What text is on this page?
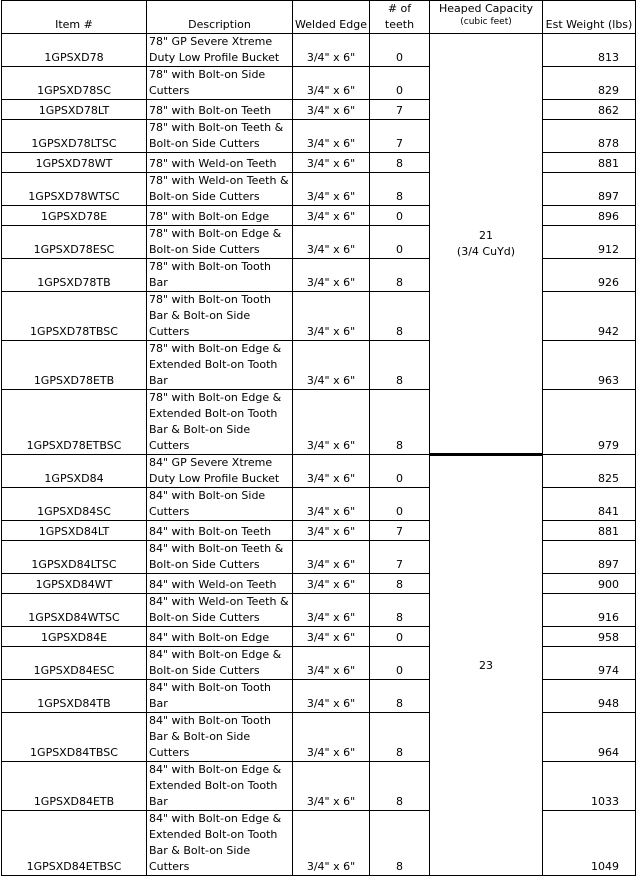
Item #	Description	Welded Edge	# of teeth	Heaped Capacity
(cubic feet)	Est Weight (lbs)
1GPSXD78	78" GP Severe Xtreme
Duty Low Profile Bucket	3/4" x 6"	0	21
(3/4 CuYd)	813
1GPSXD78SC	78" with Bolt-on Side
Cutters	3/4" x 6"	0		829
1GPSXD78LT	78" with Bolt-on Teeth	3/4" x 6"	7		862
1GPSXD78LTSC	78" with Bolt-on Teeth &
Bolt-on Side Cutters	3/4" x 6"	7		878
1GPSXD78WT	78" with Weld-on Teeth	3/4" x 6"	8		881
1GPSXD78WTSC	78" with Weld-on Teeth &
Bolt-on Side Cutters	3/4" x 6"	8		897
1GPSXD78E	78" with Bolt-on Edge	3/4" x 6"	0		896
1GPSXD78ESC	78" with Bolt-on Edge &
Bolt-on Side Cutters	3/4" x 6"	0		912
1GPSXD78TB	78" with Bolt-on Tooth
Bar	3/4" x 6"	8		926
1GPSXD78TBSC	78" with Bolt-on Tooth
Bar & Bolt-on Side Cutters	3/4" x 6"	8		942
1GPSXD78ETB	78" with Bolt-on Edge &
Extended Bolt-on Tooth
Bar	3/4" x 6"	8		963
1GPSXD78ETBSC	78" with Bolt-on Edge &
Extended Bolt-on Tooth
Bar & Bolt-on Side Cutters	3/4" x 6"	8		979
1GPSXD84	84" GP Severe Xtreme
Duty Low Profile Bucket	3/4" x 6"	0	23	825
1GPSXD84SC	84" with Bolt-on Side
Cutters	3/4" x 6"	0		841
1GPSXD84LT	84" with Bolt-on Teeth	3/4" x 6"	7		881
1GPSXD84LTSC	84" with Bolt-on Teeth &
Bolt-on Side Cutters	3/4" x 6"	7		897
1GPSXD84WT	84" with Weld-on Teeth	3/4" x 6"	8		900
1GPSXD84WTSC	84" with Weld-on Teeth &
Bolt-on Side Cutters	3/4" x 6"	8		916
1GPSXD84E	84" with Bolt-on Edge	3/4" x 6"	0		958
1GPSXD84ESC	84" with Bolt-on Edge &
Bolt-on Side Cutters	3/4" x 6"	0		974
1GPSXD84TB	84" with Bolt-on Tooth
Bar	3/4" x 6"	8		948
1GPSXD84TBSC	84" with Bolt-on Tooth
Bar & Bolt-on Side Cutters	3/4" x 6"	8		964
1GPSXD84ETB	84" with Bolt-on Edge &
Extended Bolt-on Tooth
Bar	3/4" x 6"	8		1033
1GPSXD84ETBSC	84" with Bolt-on Edge &
Extended Bolt-on Tooth
Bar & Bolt-on Side Cutters	3/4" x 6"	8		1049
